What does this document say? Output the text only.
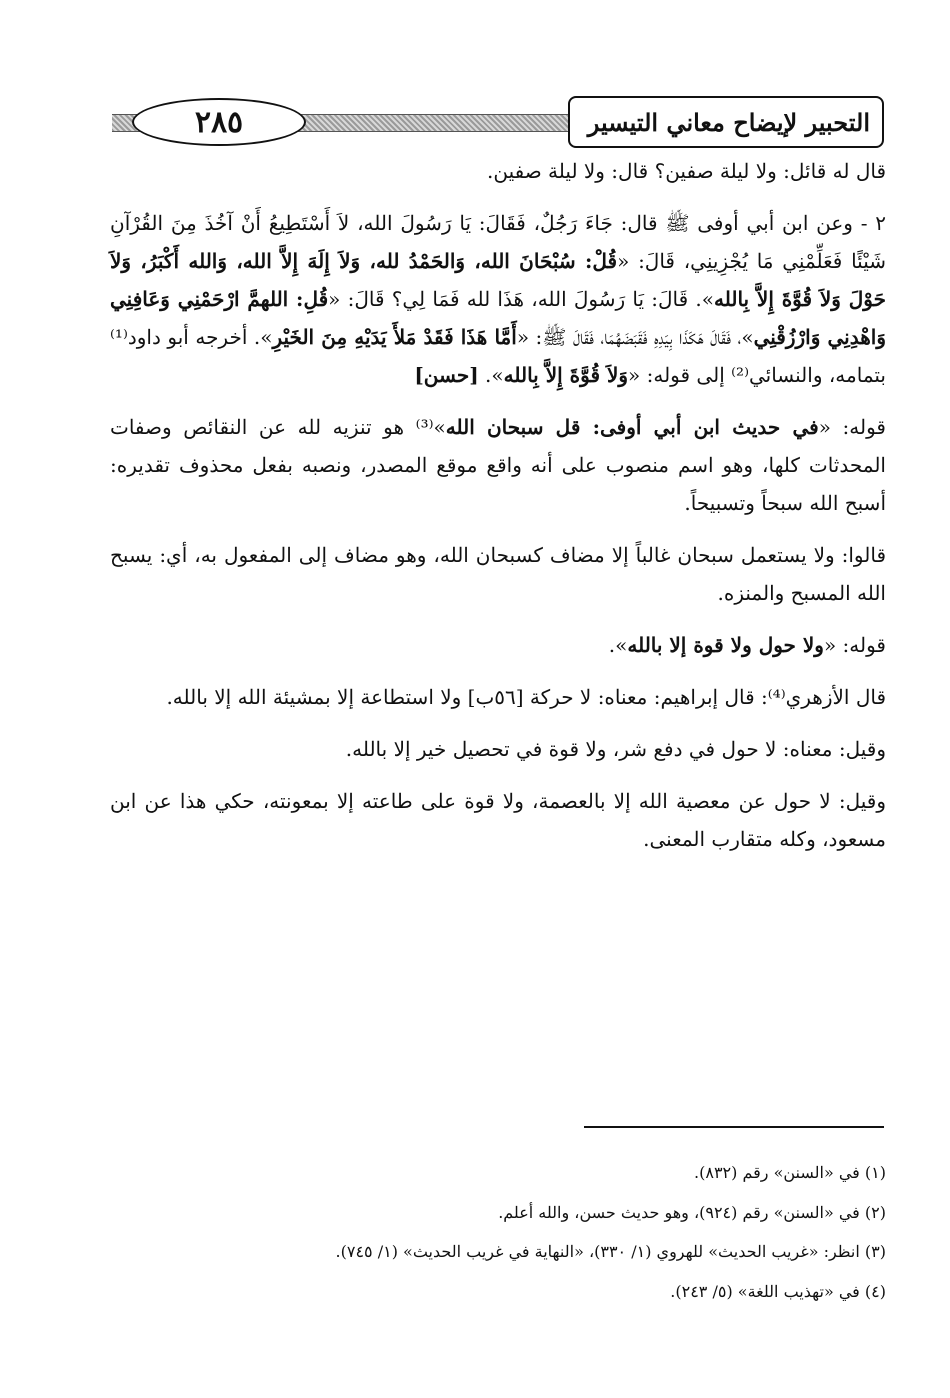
٢٨٥	التحبير لإيضاح معاني التيسير

قال له قائل: ولا ليلة صفين؟ قال: ولا ليلة صفين.

٢ - وعن ابن أبي أوفى ﷺ قال: جَاءَ رَجُلٌ، فَقَالَ: يَا رَسُولَ الله، لاَ أَسْتَطِيعُ أَنْ آخُذَ مِنَ القُرْآنِ شَيْئًا فَعَلِّمْنِي مَا يُجْزِينِي، قَالَ: «قُلْ: سُبْحَانَ الله، وَالحَمْدُ لله، وَلاَ إِلَهَ إِلاَّ الله، وَالله أَكْبَرُ، وَلاَ حَوْلَ وَلاَ قُوَّةَ إِلاَّ بِالله». قَالَ: يَا رَسُولَ الله، هَذَا لله فَمَا لِي؟ قَالَ: «قُلِ: اللهمَّ ارْحَمْنِي وَعَافِنِي وَاهْدِنِي وَارْزُقْنِي»، فَقَالَ هَكَذَا بِيَدِهِ فَقَبَضَهُمَا، فَقَالَ ﷺ: «أَمَّا هَذَا فَقَدْ مَلأَ يَدَيْهِ مِنَ الخَيْرِ». أخرجه أبو داود⁽¹⁾ بتمامه، والنسائي⁽²⁾ إلى قوله: «وَلاَ قُوَّةَ إِلاَّ بِالله». [حسن]

قوله: «في حديث ابن أبي أوفى: قل سبحان الله»⁽³⁾ هو تنزيه لله عن النقائص وصفات المحدثات كلها، وهو اسم منصوب على أنه واقع موقع المصدر، ونصبه بفعل محذوف تقديره: أسبح الله سبحاً وتسبيحاً.

قالوا: ولا يستعمل سبحان غالباً إلا مضاف كسبحان الله، وهو مضاف إلى المفعول به، أي: يسبح الله المسبح والمنزه.

قوله: «ولا حول ولا قوة إلا بالله».

قال الأزهري⁽⁴⁾: قال إبراهيم: معناه: لا حركة [٥٦ب] ولا استطاعة إلا بمشيئة الله إلا بالله.

وقيل: معناه: لا حول في دفع شر، ولا قوة في تحصيل خير إلا بالله.

وقيل: لا حول عن معصية الله إلا بالعصمة، ولا قوة على طاعته إلا بمعونته، حكي هذا عن ابن مسعود، وكله متقارب المعنى.

(١) في «السنن» رقم (٨٣٢).

(٢) في «السنن» رقم (٩٢٤)، وهو حديث حسن، والله أعلم.

(٣) انظر: «غريب الحديث» للهروي (١/ ٣٣٠)، «النهاية في غريب الحديث» (١/ ٧٤٥).

(٤) في «تهذيب اللغة» (٥/ ٢٤٣).
